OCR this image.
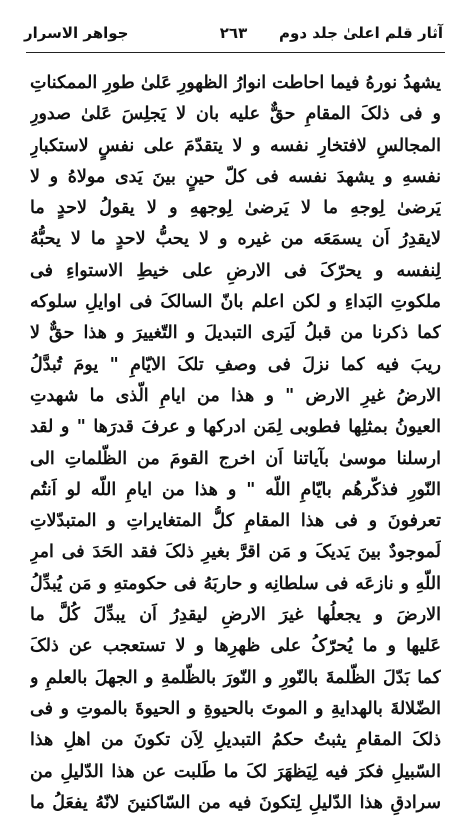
آثار قلم اعلیٰ جلد دوم
٢٦٣
جواهر الاسرار
يشهدُ نورهُ فيما احاطت انوارُ الظهورِ عَلىٰ طورِ الممكناتِ
و فی ذلکَ المقامِ حقٌّ عليه بان لا يَجلِسَ عَلیٰ صدورِ
المجالسِ لافتخارِ نفسه و لا يتقدّمَ علی نفسٍ لاستکبارِ
نفسهِ و يشهدَ نفسه فی کلّ حينٍ بينَ يَدی مولاهُ و لا
يَرضیٰ لِوجهِ ما لا يَرضیٰ لِوجههِ و لا يقولُ لاحدٍ ما
لايقدِرُ اَن يسمَعَه من غيره و لا يحبُّ لاحدٍ ما لا يحبُّهُ
لِنفسه و يحرّکَ فی الارضِ علی خيطِ الاستواءِ فی
ملکوتِ البَداءِ و لکن اعلم بانّ السالکَ فی اوايلِ سلوکه
کما ذکرنا من قبلُ لَيَری التبديلَ و التّغييرَ و هذا حقٌّ لا
ريبَ فيه کما نزلَ فی وصفِ تلکَ الايّامِ " يومَ تُبدَّلُ
الارضُ غيرِ الارض " و هذا من ايامِ الّذی ما شهدتِ
العيونُ بمثلِها فطوبی لِمَن ادرکها و عرفَ قدرَها " و لقد
ارسلنا موسیٰ بآياتنا اَن اخرج القومَ من الظّلماتِ الی
النّورِ فذکّرهُم بايّامِ اللّه " و هذا من ايامِ اللّه لو اَنتُم
تعرفونَ و فی هذا المقامِ کلُّ المتغايراتِ و المتبدّلاتِ
لَموجودٌ بينَ يَديکَ و مَن اقرَّ بغيرِ ذلکَ فقد الحَدَ فی امرِ
اللّهِ و نازعَه فی سلطانِه و حاربَهُ فی حکومتهِ و مَن يُبدِّلُ
الارضَ و يجعلُها غيرَ الارضِ ليقدِرُ اَن يبدِّلَ کُلَّ ما
عَليها و ما يُحرّکُ علی ظهرِها و لا تستعجب عن ذلکَ
کما بَدّلَ الظّلمةَ بالنّورِ و النّورَ بالظّلمةِ و الجهلَ بالعلمِ و
الضّلالةَ بالهدايةِ و الموتَ بالحيوةِ و الحيوةَ بالموتِ و فی
ذلکَ المقامِ يثبتُ حکمُ التبديلِ لِاَن تکونَ من اهلِ هذا
السّبيلِ فکرَ فيه لِيَظهَرَ لکَ ما طَلبت عن هذا الدّليلِ من
سرادقِ هذا الدّليلِ لِتکونَ فيه من السّاکنينَ لانّهُ يفعَلُ ما
